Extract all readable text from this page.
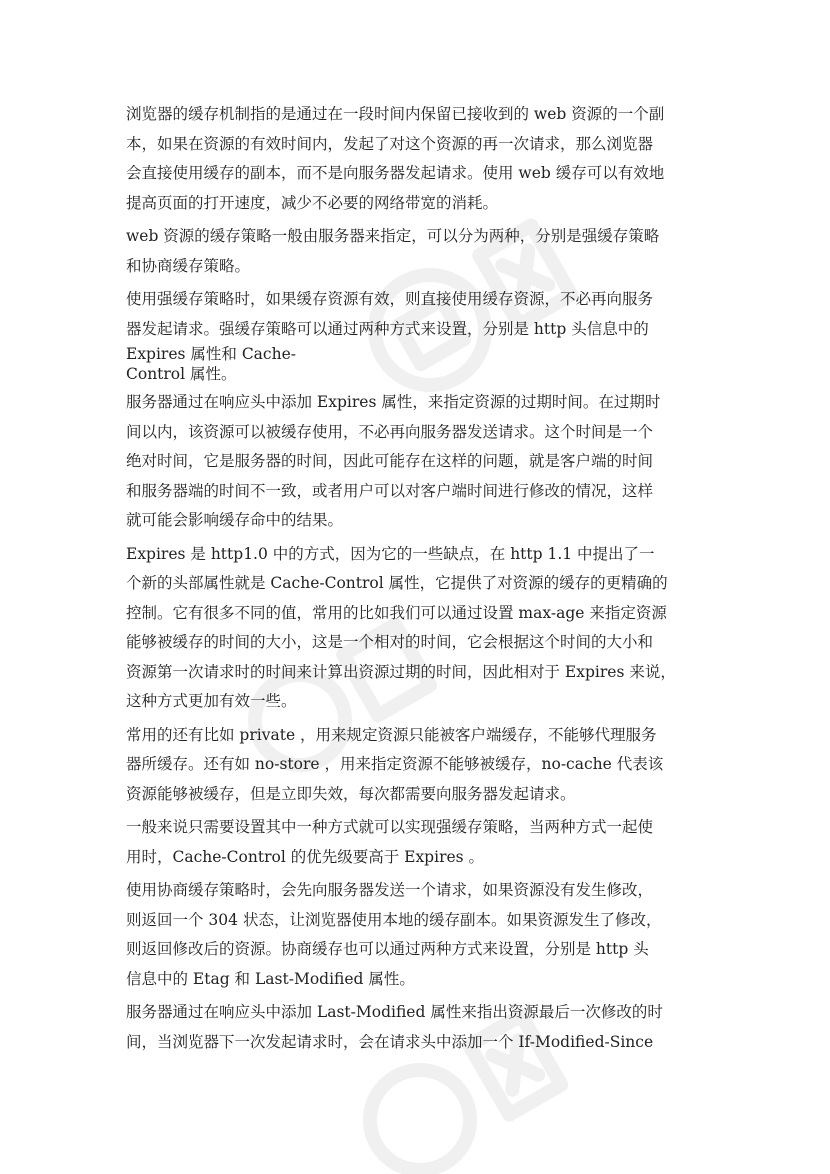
浏览器的缓存机制指的是通过在一段时间内保留已接收到的 web 资源的一个副
本，如果在资源的有效时间内，发起了对这个资源的再一次请求，那么浏览器
会直接使用缓存的副本，而不是向服务器发起请求。使用 web 缓存可以有效地
提高页面的打开速度，减少不必要的网络带宽的消耗。

web 资源的缓存策略一般由服务器来指定，可以分为两种，分别是强缓存策略
和协商缓存策略。

使用强缓存策略时，如果缓存资源有效，则直接使用缓存资源，不必再向服务
器发起请求。强缓存策略可以通过两种方式来设置，分别是 http 头信息中的
Expires 属性和 Cache-
Control 属性。

服务器通过在响应头中添加 Expires 属性，来指定资源的过期时间。在过期时
间以内，该资源可以被缓存使用，不必再向服务器发送请求。这个时间是一个
绝对时间，它是服务器的时间，因此可能存在这样的问题，就是客户端的时间
和服务器端的时间不一致，或者用户可以对客户端时间进行修改的情况，这样
就可能会影响缓存命中的结果。

Expires 是 http1.0 中的方式，因为它的一些缺点，在 http 1.1 中提出了一
个新的头部属性就是 Cache-Control 属性，它提供了对资源的缓存的更精确的
控制。它有很多不同的值，常用的比如我们可以通过设置 max-age 来指定资源
能够被缓存的时间的大小，这是一个相对的时间，它会根据这个时间的大小和
资源第一次请求时的时间来计算出资源过期的时间，因此相对于 Expires 来说，
这种方式更加有效一些。

常用的还有比如 private ，用来规定资源只能被客户端缓存，不能够代理服务
器所缓存。还有如 no-store ，用来指定资源不能够被缓存，no-cache 代表该
资源能够被缓存，但是立即失效，每次都需要向服务器发起请求。

一般来说只需要设置其中一种方式就可以实现强缓存策略，当两种方式一起使
用时，Cache-Control 的优先级要高于 Expires 。

使用协商缓存策略时，会先向服务器发送一个请求，如果资源没有发生修改，
则返回一个 304 状态，让浏览器使用本地的缓存副本。如果资源发生了修改，
则返回修改后的资源。协商缓存也可以通过两种方式来设置，分别是 http 头
信息中的 Etag 和 Last-Modified 属性。

服务器通过在响应头中添加 Last-Modified 属性来指出资源最后一次修改的时
间，当浏览器下一次发起请求时，会在请求头中添加一个 If-Modified-Since
